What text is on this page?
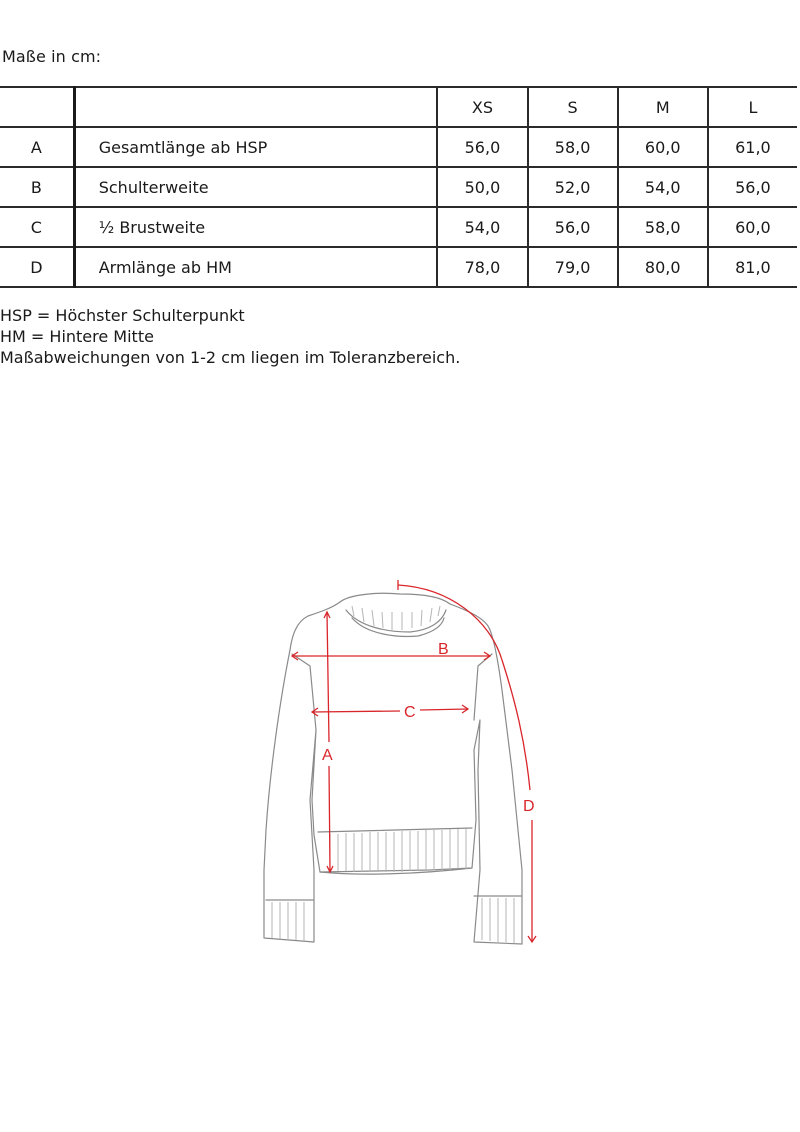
Maße in cm:
		XS	S	M	L
A	Gesamtlänge ab HSP	56,0	58,0	60,0	61,0
B	Schulterweite	50,0	52,0	54,0	56,0
C	½ Brustweite	54,0	56,0	58,0	60,0
D	Armlänge ab HM	78,0	79,0	80,0	81,0
HSP = Höchster Schulterpunkt
HM = Hintere Mitte
Maßabweichungen von 1-2 cm liegen im Toleranzbereich.
A
B
C
D
